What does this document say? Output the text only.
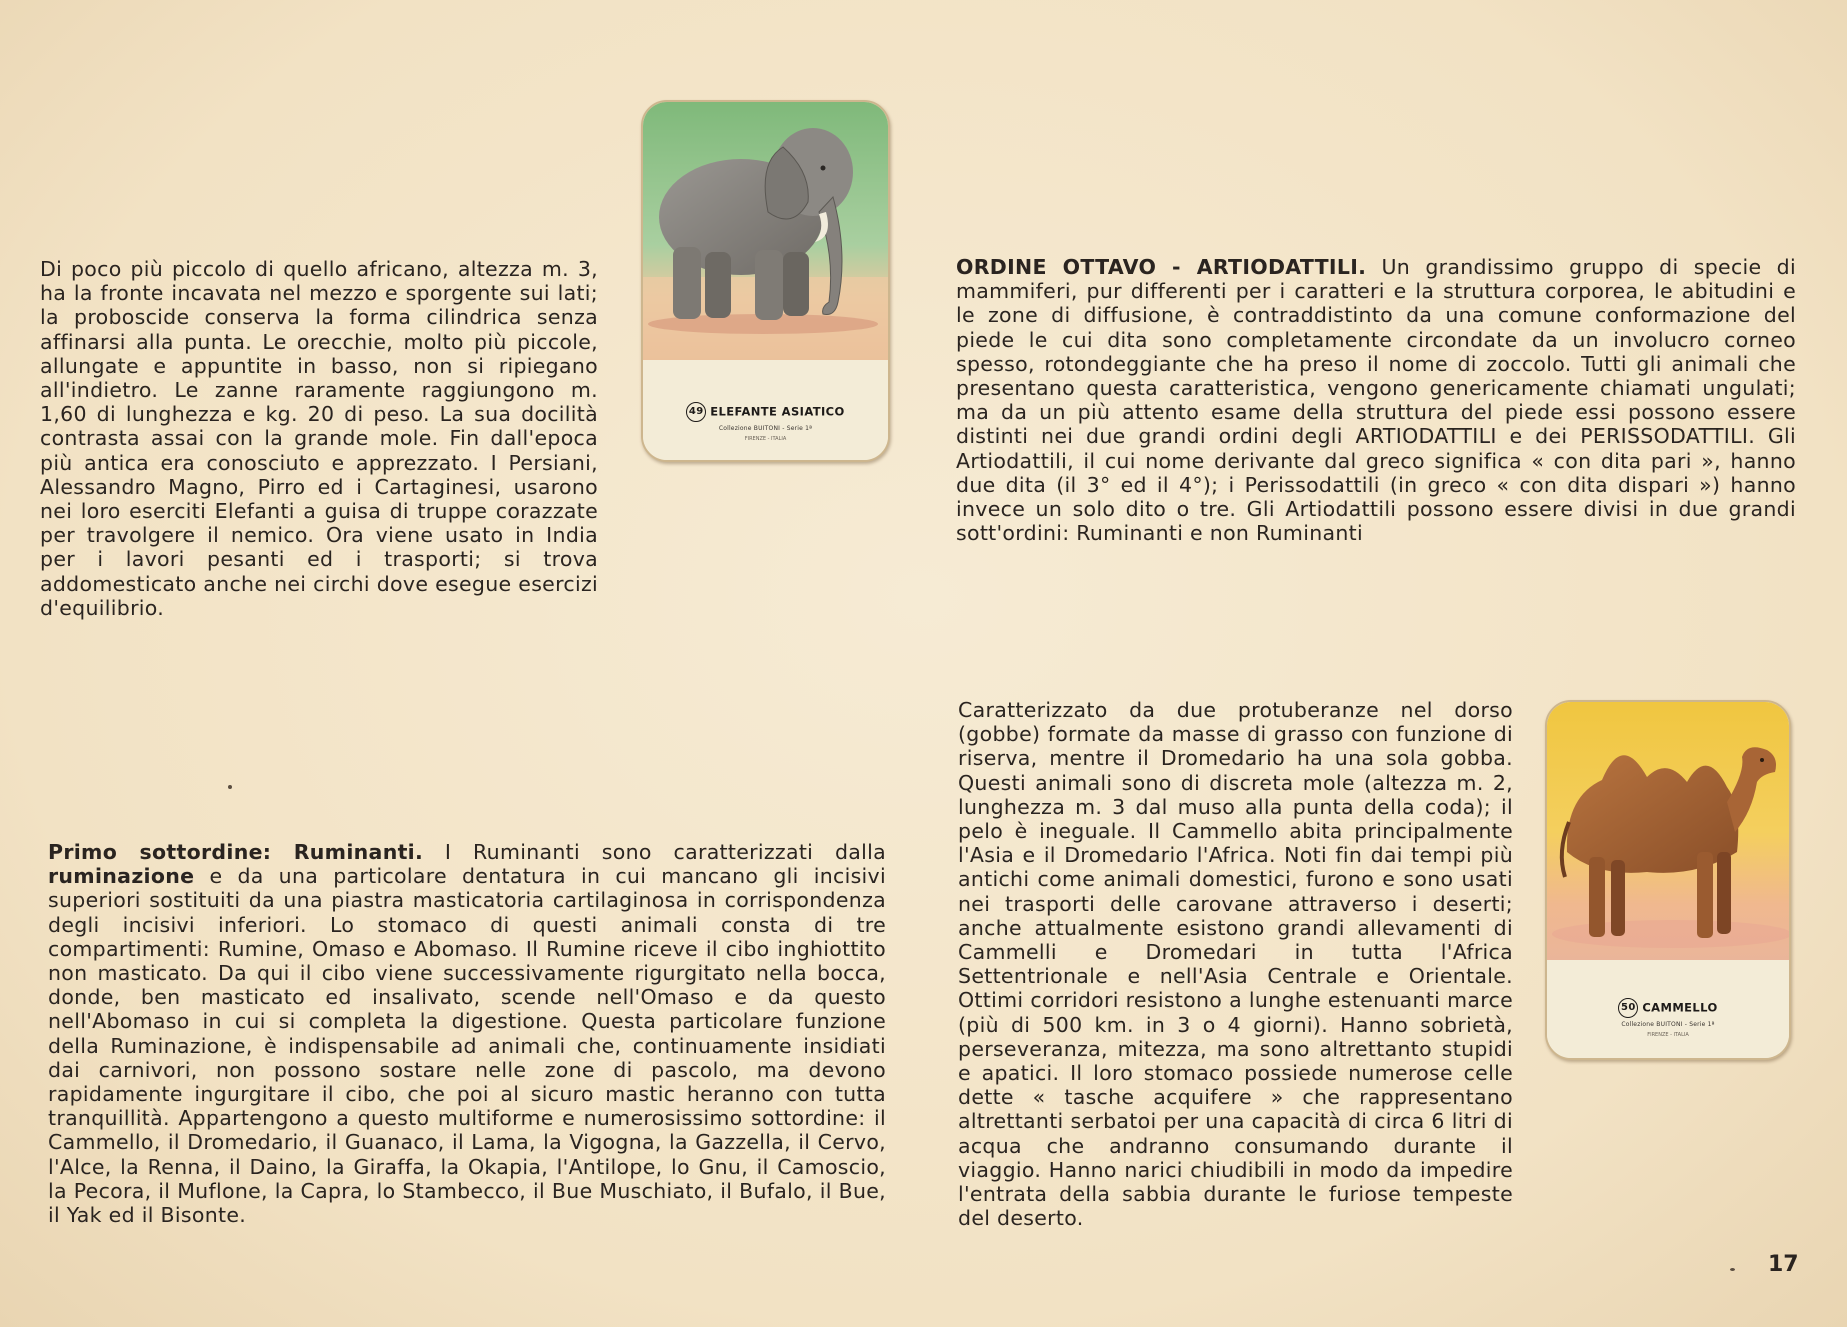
Di poco più piccolo di quello africano, altezza m. 3, ha la fronte incavata nel mezzo e sporgente sui lati; la proboscide conserva la forma cilindrica senza affinarsi alla punta. Le orecchie, molto più piccole, allungate e appuntite in basso, non si ripiegano all'indietro. Le zanne raramente raggiungono m. 1,60 di lunghezza e kg. 20 di peso. La sua docilità contrasta assai con la grande mole. Fin dall'epoca più antica era conosciuto e apprezzato. I Persiani, Alessandro Magno, Pirro ed i Cartaginesi, usarono nei loro eserciti Elefanti a guisa di truppe corazzate per travolgere il nemico. Ora viene usato in India per i lavori pesanti ed i trasporti; si trova addomesticato anche nei circhi dove esegue esercizi d'equilibrio.
49 ELEFANTE ASIATICO
Collezione BUITONI - Serie 1ª
FIRENZE - ITALIA
ORDINE OTTAVO - ARTIODATTILI. Un grandissimo gruppo di specie di mammiferi, pur differenti per i caratteri e la struttura corporea, le abitudini e le zone di diffusione, è contraddistinto da una comune conformazione del piede le cui dita sono completamente circondate da un involucro corneo spesso, rotondeggiante che ha preso il nome di zoccolo. Tutti gli animali che presentano questa caratteristica, vengono genericamente chiamati ungulati; ma da un più attento esame della struttura del piede essi possono essere distinti nei due grandi ordini degli ARTIODATTILI e dei PERISSODATTILI. Gli Artiodattili, il cui nome derivante dal greco significa « con dita pari », hanno due dita (il 3° ed il 4°); i Perissodattili (in greco « con dita dispari ») hanno invece un solo dito o tre. Gli Artiodattili possono essere divisi in due grandi sott'ordini: Ruminanti e non Ruminanti
Primo sottordine: Ruminanti. I Ruminanti sono caratterizzati dalla ruminazione e da una particolare dentatura in cui mancano gli incisivi superiori sostituiti da una piastra masticatoria cartilaginosa in corrispondenza degli incisivi inferiori. Lo stomaco di questi animali consta di tre compartimenti: Rumine, Omaso e Abomaso. Il Rumine riceve il cibo inghiottito non masticato. Da qui il cibo viene successivamente rigurgitato nella bocca, donde, ben masticato ed insalivato, scende nell'Omaso e da questo nell'Abomaso in cui si completa la digestione. Questa particolare funzione della Ruminazione, è indispensabile ad animali che, continuamente insidiati dai carnivori, non possono sostare nelle zone di pascolo, ma devono rapidamente ingurgitare il cibo, che poi al sicuro mastic heranno con tutta tranquillità. Appartengono a questo multiforme e numerosissimo sottordine: il Cammello, il Dromedario, il Guanaco, il Lama, la Vigogna, la Gazzella, il Cervo, l'Alce, la Renna, il Daino, la Giraffa, la Okapia, l'Antilope, lo Gnu, il Camoscio, la Pecora, il Muflone, la Capra, lo Stambecco, il Bue Muschiato, il Bufalo, il Bue, il Yak ed il Bisonte.
Caratterizzato da due protuberanze nel dorso (gobbe) formate da masse di grasso con funzione di riserva, mentre il Dromedario ha una sola gobba. Questi animali sono di discreta mole (altezza m. 2, lunghezza m. 3 dal muso alla punta della coda); il pelo è ineguale. Il Cammello abita principalmente l'Asia e il Dromedario l'Africa. Noti fin dai tempi più antichi come animali domestici, furono e sono usati nei trasporti delle carovane attraverso i deserti; anche attualmente esistono grandi allevamenti di Cammelli e Dromedari in tutta l'Africa Settentrionale e nell'Asia Centrale e Orientale. Ottimi corridori resistono a lunghe estenuanti marce (più di 500 km. in 3 o 4 giorni). Hanno sobrietà, perseveranza, mitezza, ma sono altrettanto stupidi e apatici. Il loro stomaco possiede numerose celle dette « tasche acquifere » che rappresentano altrettanti serbatoi per una capacità di circa 6 litri di acqua che andranno consumando durante il viaggio. Hanno narici chiudibili in modo da impedire l'entrata della sabbia durante le furiose tempeste del deserto.
50 CAMMELLO
Collezione BUITONI - Serie 1ª
FIRENZE - ITALIA
17
